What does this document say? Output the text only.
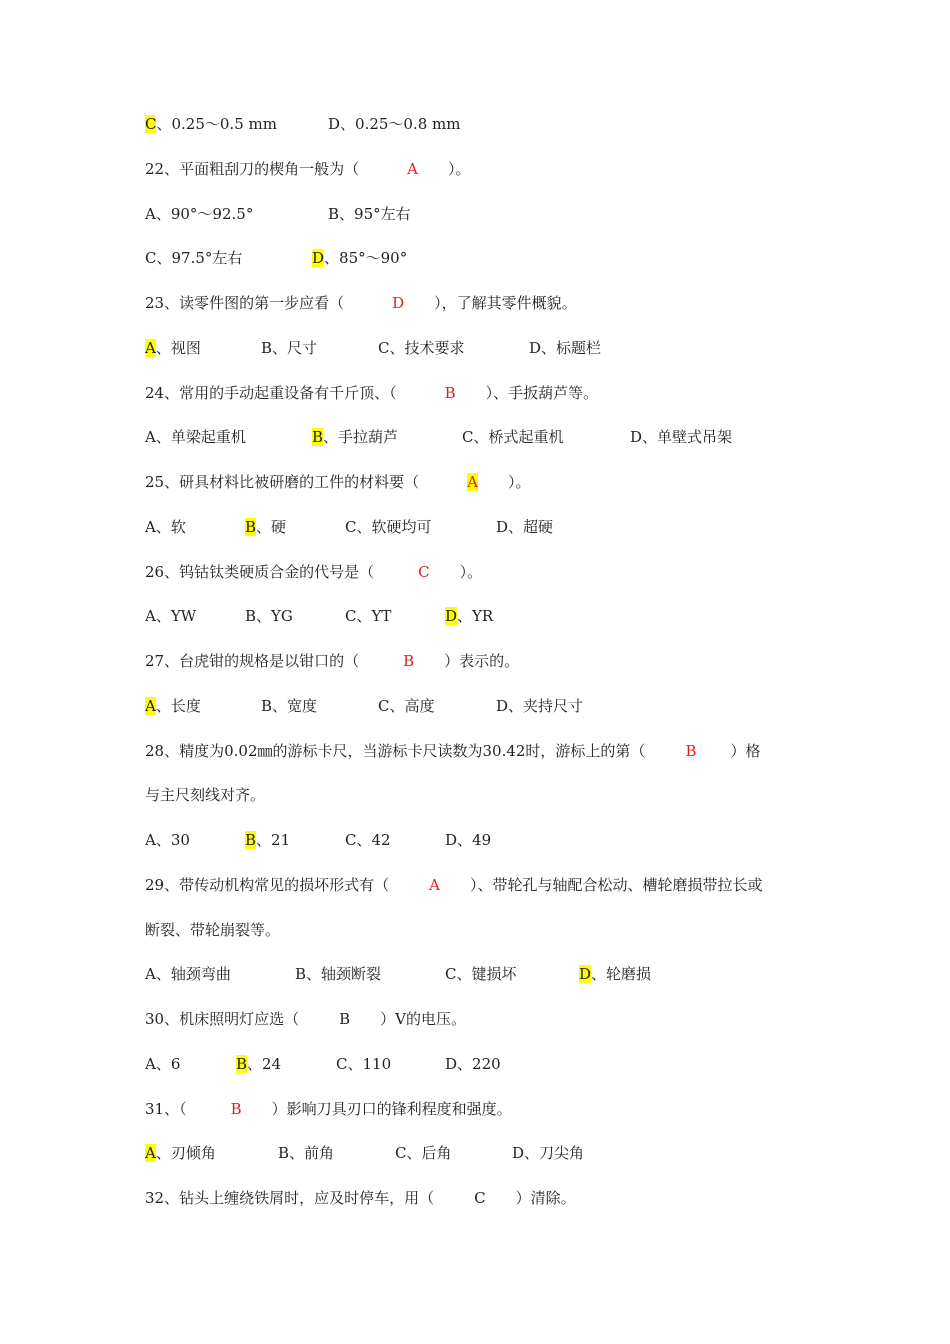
C、0.25～0.5 mm	D、0.25～0.8 mm
22、平面粗刮刀的楔角一般为（	A ）。
A、90°～92.5°	B、95°左右
C、97.5°左右	D、85°～90°
23、读零件图的第一步应看（	D ），了解其零件概貌。
A、视图	B、尺寸	C、技术要求	D、标题栏
24、常用的手动起重设备有千斤顶、（	B ）、手扳葫芦等。
A、单梁起重机	B、手拉葫芦	C、桥式起重机	D、单壁式吊架
25、研具材料比被研磨的工件的材料要（	A ）。
A、软	B、硬	C、软硬均可	D、超硬
26、钨钴钛类硬质合金的代号是（	C ）。
A、YW	B、YG	C、YT	D、YR
27、台虎钳的规格是以钳口的（	B ）表示的。
A、长度	B、宽度	C、高度	D、夹持尺寸
28、精度为0.02㎜的游标卡尺，当游标卡尺读数为30.42时，游标上的第（	B ）格
与主尺刻线对齐。
A、30	B、21	C、42	D、49
29、带传动机构常见的损坏形式有（	A ）、带轮孔与轴配合松动、槽轮磨损带拉长或
断裂、带轮崩裂等。
A、轴颈弯曲	B、轴颈断裂	C、键损坏	D、轮磨损
30、机床照明灯应选（	B ）V的电压。
A、6	B、24	C、110	D、220
31、（	B ）影响刀具刃口的锋利程度和强度。
A、刃倾角	B、前角	C、后角	D、刀尖角
32、钻头上缠绕铁屑时，应及时停车，用（	C ）清除。
